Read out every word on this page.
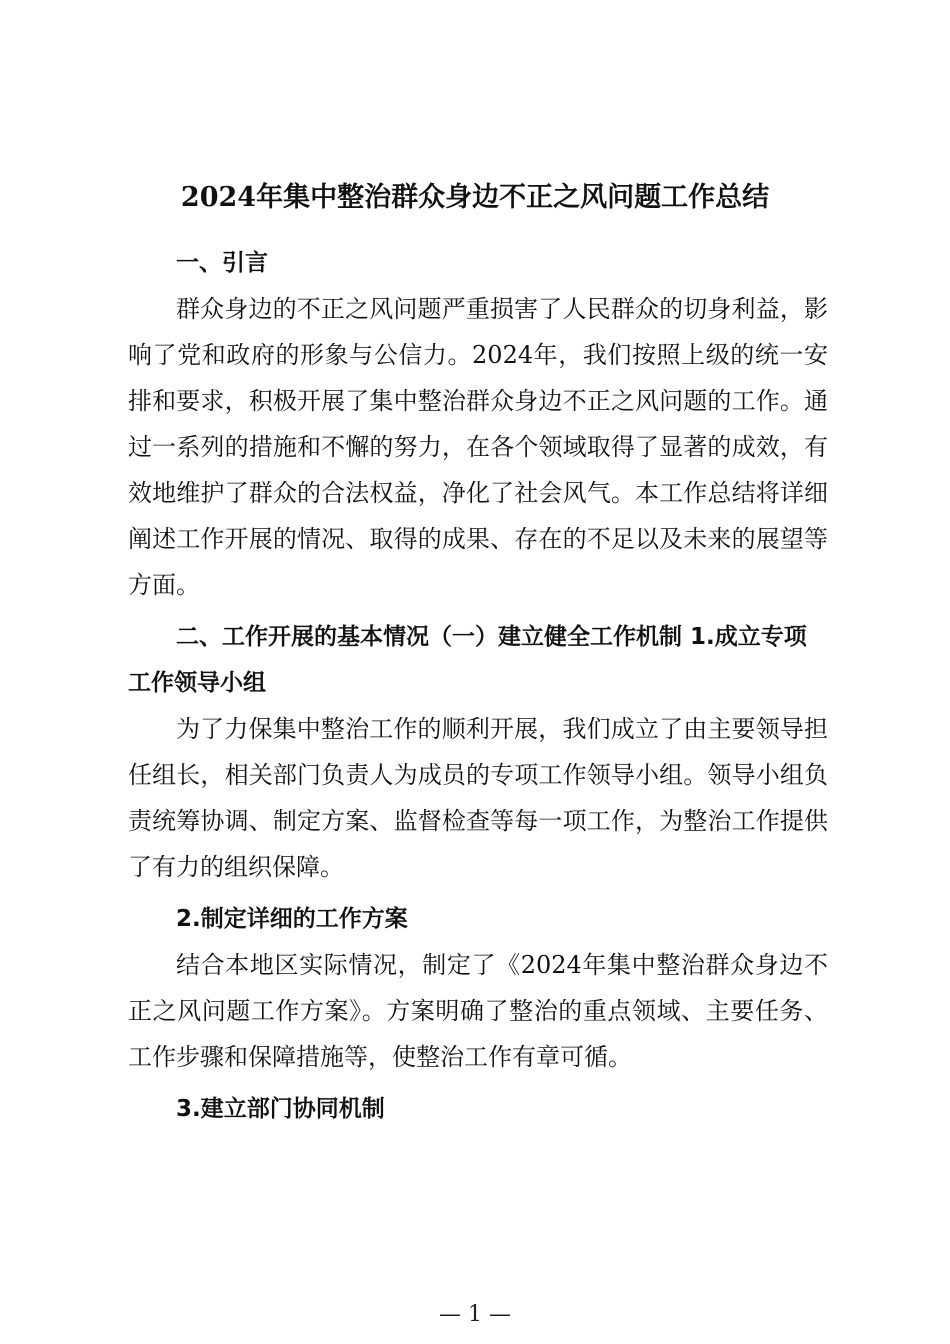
2024年集中整治群众身边不正之风问题工作总结

一、引言

群众身边的不正之风问题严重损害了人民群众的切身利益，影响了党和政府的形象与公信力。2024年，我们按照上级的统一安排和要求，积极开展了集中整治群众身边不正之风问题的工作。通过一系列的措施和不懈的努力，在各个领域取得了显著的成效，有效地维护了群众的合法权益，净化了社会风气。本工作总结将详细阐述工作开展的情况、取得的成果、存在的不足以及未来的展望等方面。

二、工作开展的基本情况（一）建立健全工作机制 1.成立专项工作领导小组

为了力保集中整治工作的顺利开展，我们成立了由主要领导担任组长，相关部门负责人为成员的专项工作领导小组。领导小组负责统筹协调、制定方案、监督检查等每一项工作，为整治工作提供了有力的组织保障。

2.制定详细的工作方案

结合本地区实际情况，制定了《2024年集中整治群众身边不正之风问题工作方案》。方案明确了整治的重点领域、主要任务、工作步骤和保障措施等，使整治工作有章可循。

3.建立部门协同机制

— 1 —
